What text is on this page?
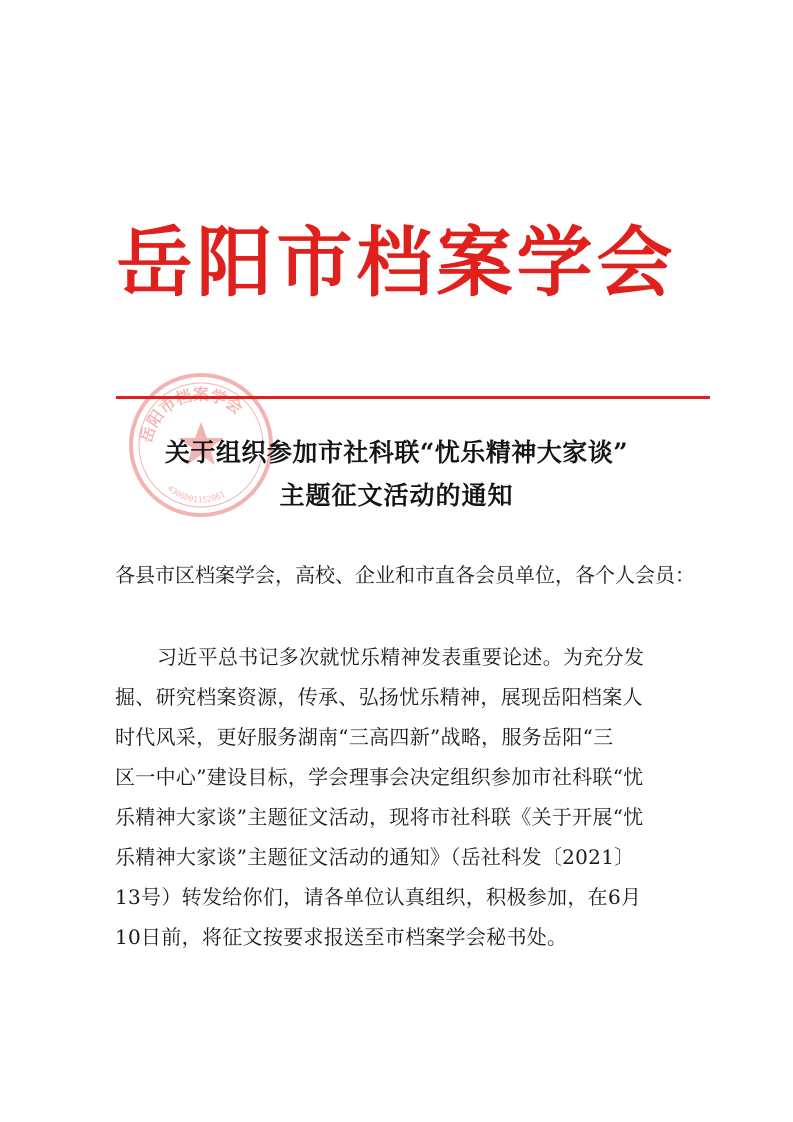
岳阳市档案学会
岳阳市档案学会
4306001152061
关于组织参加市社科联“忧乐精神大家谈”
主题征文活动的通知
各县市区档案学会，高校、企业和市直各会员单位，各个人会员：
习近平总书记多次就忧乐精神发表重要论述。为充分发
掘、研究档案资源，传承、弘扬忧乐精神，展现岳阳档案人
时代风采，更好服务湖南“三高四新”战略，服务岳阳“三
区一中心”建设目标，学会理事会决定组织参加市社科联“忧
乐精神大家谈”主题征文活动，现将市社科联《关于开展“忧
乐精神大家谈”主题征文活动的通知》（岳社科发〔2021〕
13号）转发给你们，请各单位认真组织，积极参加，在6月
10日前，将征文按要求报送至市档案学会秘书处。
